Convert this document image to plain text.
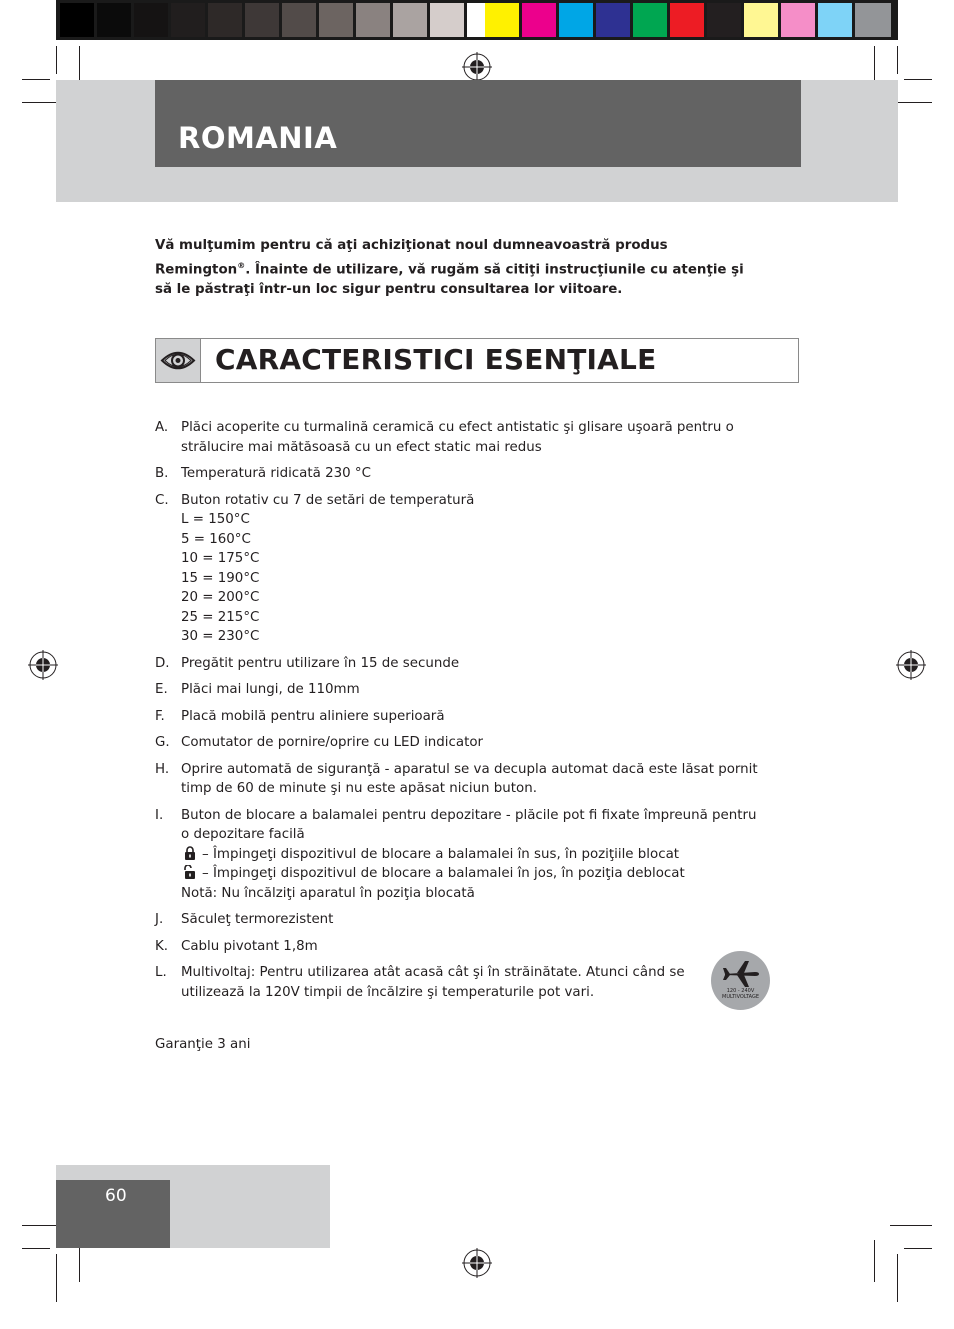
ROMANIA
Vă mulţumim pentru că aţi achiziţionat noul dumneavoastră produs
Remington®. Înainte de utilizare, vă rugăm să citiţi instrucţiunile cu atenţie şi
să le păstraţi într-un loc sigur pentru consultarea lor viitoare.
CARACTERISTICI ESENŢIALE
A. Plăci acoperite cu turmalină ceramică cu efect antistatic şi glisare uşoară pentru o
strălucire mai mătăsoasă cu un efect static mai redus
B. Temperatură ridicată 230 °C
C. Buton rotativ cu 7 de setări de temperatură
L = 150°C
5 = 160°C
10 = 175°C
15 = 190°C
20 = 200°C
25 = 215°C
30 = 230°C
D. Pregătit pentru utilizare în 15 de secunde
E. Plăci mai lungi, de 110mm
F. Placă mobilă pentru aliniere superioară
G. Comutator de pornire/oprire cu LED indicator
H. Oprire automată de siguranţă - aparatul se va decupla automat dacă este lăsat pornit
timp de 60 de minute şi nu este apăsat niciun buton.
I. Buton de blocare a balamalei pentru depozitare - plăcile pot fi fixate împreună pentru
o depozitare facilă
– Împingeţi dispozitivul de blocare a balamalei în sus, în poziţiile blocat
– Împingeţi dispozitivul de blocare a balamalei în jos, în poziţia deblocat
Notă: Nu încălziţi aparatul în poziţia blocată
J. Săculeţ termorezistent
K. Cablu pivotant 1,8m
L. Multivoltaj: Pentru utilizarea atât acasă cât şi în străinătate. Atunci când se
utilizează la 120V timpii de încălzire şi temperaturile pot vari.	120 - 240V
MULTIVOLTAGE
Garanţie 3 ani
60
